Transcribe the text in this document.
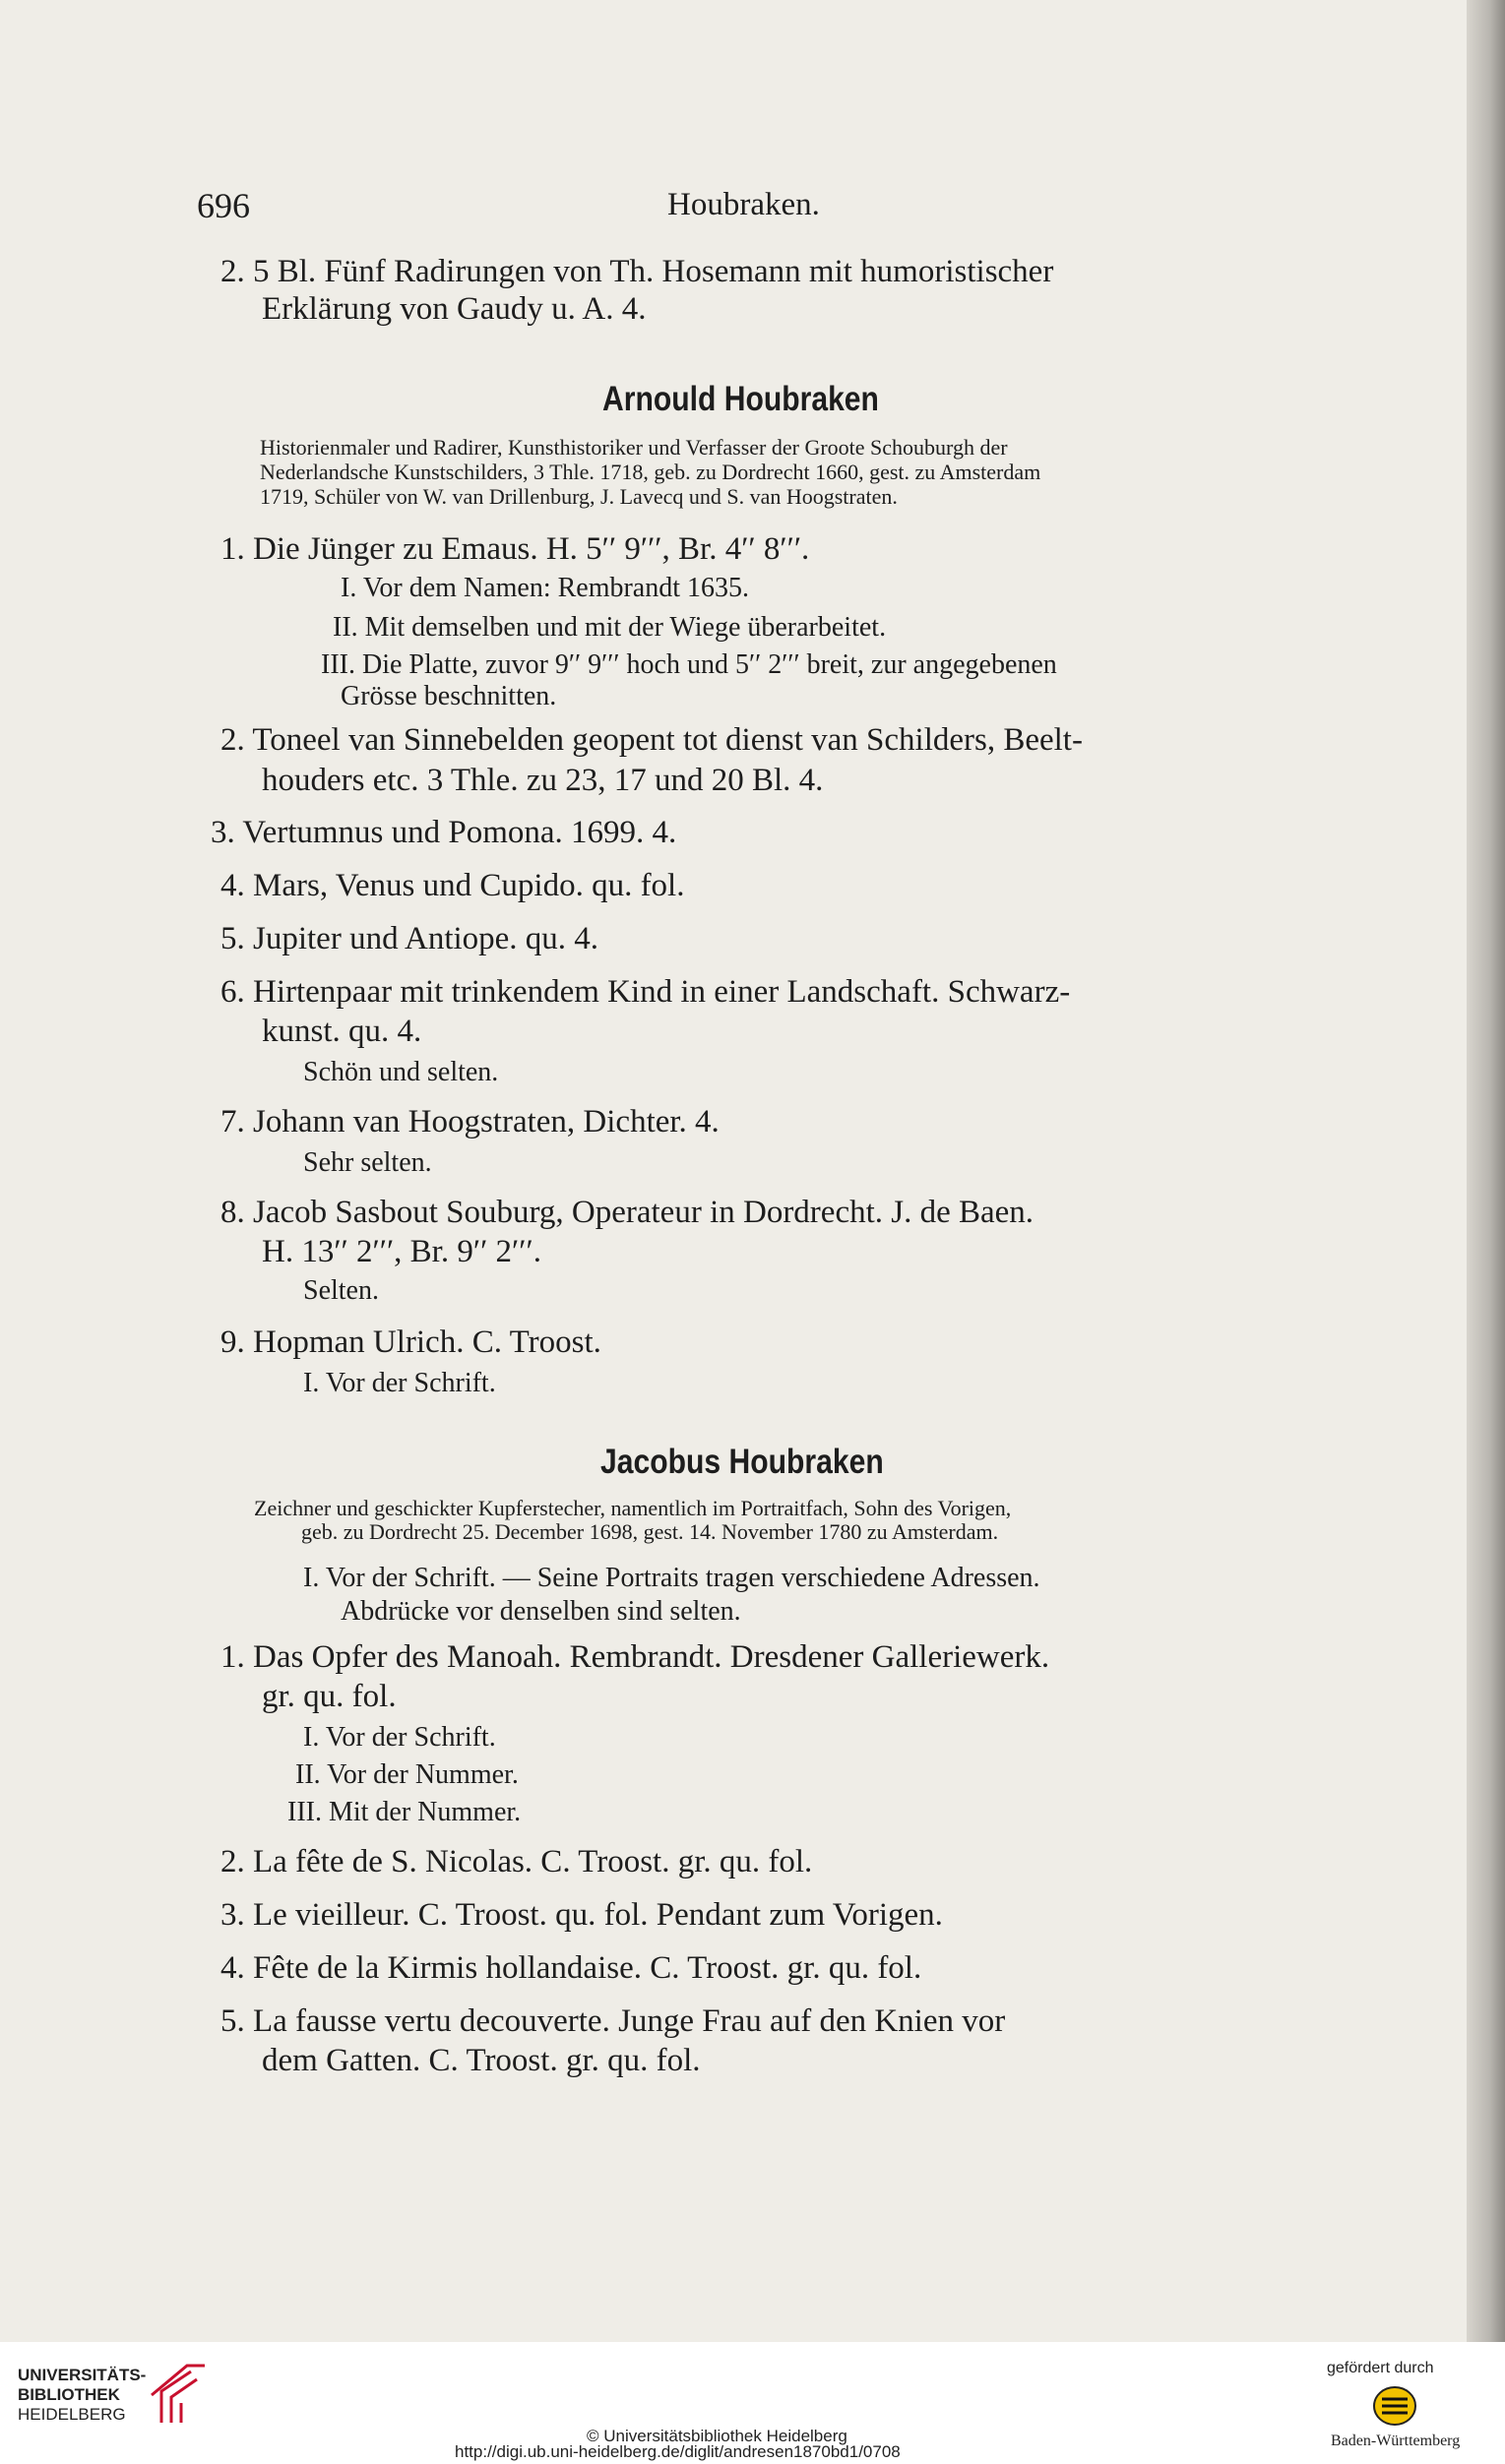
696	Houbraken.
2. 5 Bl. Fünf Radirungen von Th. Hosemann mit humoristischer
Erklärung von Gaudy u. A. 4.
Arnould Houbraken
Historienmaler und Radirer, Kunsthistoriker und Verfasser der Groote Schouburgh der
Nederlandsche Kunstschilders, 3 Thle. 1718, geb. zu Dordrecht 1660, gest. zu Amsterdam
1719, Schüler von W. van Drillenburg, J. Lavecq und S. van Hoogstraten.
1. Die Jünger zu Emaus. H. 5′′ 9′′′, Br. 4′′ 8′′′.
I. Vor dem Namen: Rembrandt 1635.
II. Mit demselben und mit der Wiege überarbeitet.
III. Die Platte, zuvor 9′′ 9′′′ hoch und 5′′ 2′′′ breit, zur angegebenen
Grösse beschnitten.
2. Toneel van Sinnebelden geopent tot dienst van Schilders, Beelt-
houders etc. 3 Thle. zu 23, 17 und 20 Bl. 4.
3. Vertumnus und Pomona. 1699. 4.
4. Mars, Venus und Cupido. qu. fol.
5. Jupiter und Antiope. qu. 4.
6. Hirtenpaar mit trinkendem Kind in einer Landschaft. Schwarz-
kunst. qu. 4.
Schön und selten.
7. Johann van Hoogstraten, Dichter. 4.
Sehr selten.
8. Jacob Sasbout Souburg, Operateur in Dordrecht. J. de Baen.
H. 13′′ 2′′′, Br. 9′′ 2′′′.
Selten.
9. Hopman Ulrich. C. Troost.
I. Vor der Schrift.
Jacobus Houbraken
Zeichner und geschickter Kupferstecher, namentlich im Portraitfach, Sohn des Vorigen,
geb. zu Dordrecht 25. December 1698, gest. 14. November 1780 zu Amsterdam.
I. Vor der Schrift. — Seine Portraits tragen verschiedene Adressen.
Abdrücke vor denselben sind selten.
1. Das Opfer des Manoah. Rembrandt. Dresdener Galleriewerk.
gr. qu. fol.
I. Vor der Schrift.
II. Vor der Nummer.
III. Mit der Nummer.
2. La fête de S. Nicolas. C. Troost. gr. qu. fol.
3. Le vieilleur. C. Troost. qu. fol. Pendant zum Vorigen.
4. Fête de la Kirmis hollandaise. C. Troost. gr. qu. fol.
5. La fausse vertu decouverte. Junge Frau auf den Knien vor
dem Gatten. C. Troost. gr. qu. fol.
UNIVERSITÄTS-
BIBLIOTHEK
HEIDELBERG
© Universitätsbibliothek Heidelberg
http://digi.ub.uni-heidelberg.de/diglit/andresen1870bd1/0708
gefördert durch
Baden-Württemberg
